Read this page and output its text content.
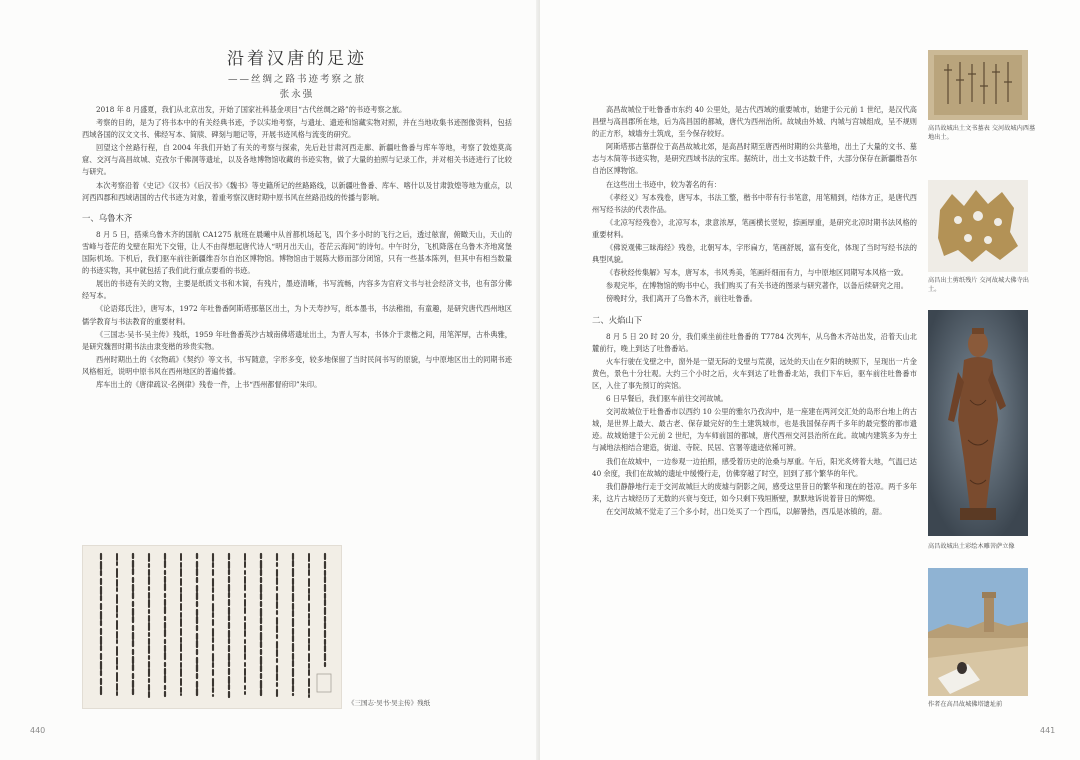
沿着汉唐的足迹
——丝绸之路书迹考察之旅
张永强

2018 年 8 月盛夏，我们从北京出发，开始了国家社科基金项目“古代丝绸之路”的书迹考察之旅。

考察的目的，是为了将书本中的有关经典书迹，予以实地考察，与遗址、遗迹和馆藏实物对照，并在当地收集书迹图像资料，包括西域各国的汉文文书、佛经写本、简牍、碑刻与题记等，开展书迹风格与流变的研究。

回望这个丝路行程，自 2004 年我们开始了有关的考察与探索，先后赴甘肃河西走廊、新疆吐鲁番与库车等地，考察了敦煌莫高窟、交河与高昌故城、克孜尔千佛洞等遗址，以及各地博物馆收藏的书迹实物，做了大量的拍照与记录工作，并对相关书迹进行了比较与研究。

本次考察沿着《史记》《汉书》《后汉书》《魏书》等史籍所记的丝路路线，以新疆吐鲁番、库车、喀什以及甘肃敦煌等地为重点，以河西四郡和西域诸国的古代书迹为对象，着重考察汉唐时期中原书风在丝路沿线的传播与影响。

一、乌鲁木齐

8 月 5 日，搭乘乌鲁木齐的国航 CA1275 航班在晨曦中从首都机场起飞，四个多小时的飞行之后，透过舷窗，俯瞰天山，天山的雪峰与苍茫的戈壁在阳光下交错，让人不由得想起唐代诗人“明月出天山，苍茫云海间”的诗句。中午时分，飞机降落在乌鲁木齐地窝堡国际机场。下机后，我们驱车前往新疆维吾尔自治区博物馆。博物馆由于展陈大修而部分闭馆，只有一些基本陈列，但其中有相当数量的书迹实物，其中就包括了我们此行重点要看的书迹。

展出的书迹有关的文物，主要是纸质文书和木简，有残片，墨迹清晰，书写流畅，内容多为官府文书与社会经济文书，也有部分佛经写本。

《论语郑氏注》，唐写本，1972 年吐鲁番阿斯塔那墓区出土，为卜天寿抄写，纸本墨书，书法稚拙，有童趣，是研究唐代西州地区儒学教育与书法教育的重要材料。

《三国志·吴书·吴主传》残纸，1959 年吐鲁番英沙古城南佛塔遗址出土，为晋人写本，书体介于隶楷之间，用笔浑厚，古朴典雅，是研究魏晋时期书法由隶变楷的珍贵实物。

西州时期出土的《衣物疏》《契约》等文书，书写随意，字形多变，较多地保留了当时民间书写的原貌，与中原地区出土的同期书迹风格相近，说明中原书风在西州地区的普遍传播。

库车出土的《唐律疏议·名例律》残卷一件，上书“西州都督府印”朱印。

《三国志·吴书·吴主传》残纸
440

高昌故城位于吐鲁番市东约 40 公里处，是古代西域的重要城市，始建于公元前 1 世纪，是汉代高昌壁与高昌郡所在地，后为高昌国的都城，唐代为西州治所。故城由外城、内城与宫城组成，呈不规则的正方形，城墙夯土筑成，至今保存较好。

阿斯塔那古墓群位于高昌故城北郊，是高昌时期至唐西州时期的公共墓地，出土了大量的文书、墓志与木简等书迹实物，是研究西域书法的宝库。据统计，出土文书达数千件，大部分保存在新疆维吾尔自治区博物馆。

在这些出土书迹中，较为著名的有：

《孝经义》写本残卷，唐写本，书法工整，楷书中带有行书笔意，用笔精到，结体方正，是唐代西州写经书法的代表作品。

《北凉写经残卷》，北凉写本，隶意浓厚，笔画横长竖短，捺画厚重，是研究北凉时期书法风格的重要材料。

《佛说观佛三昧海经》残卷，北朝写本，字形扁方，笔画舒展，富有变化，体现了当时写经书法的典型风貌。

《春秋经传集解》写本，唐写本，书风秀美，笔画纤细而有力，与中原地区同期写本风格一致。

参观完毕，在博物馆的购书中心，我们购买了有关书迹的图录与研究著作，以备后续研究之用。

傍晚时分，我们离开了乌鲁木齐，前往吐鲁番。

二、火焰山下

8 月 5 日 20 时 20 分，我们乘坐前往吐鲁番的 T7784 次列车，从乌鲁木齐站出发，沿着天山北麓前行，晚上到达了吐鲁番站。

火车行驶在戈壁之中，窗外是一望无际的戈壁与荒漠，远处的天山在夕阳的映照下，呈现出一片金黄色，景色十分壮观。大约三个小时之后，火车到达了吐鲁番北站，我们下车后，驱车前往吐鲁番市区，入住了事先预订的宾馆。

6 日早餐后，我们驱车前往交河故城。

交河故城位于吐鲁番市以西约 10 公里的雅尔乃孜沟中，是一座建在两河交汇处的岛形台地上的古城，是世界上最大、最古老、保存最完好的生土建筑城市，也是我国保存两千多年的最完整的都市遗迹。故城始建于公元前 2 世纪，为车师前国的都城，唐代西州交河县治所在此。故城内建筑多为夯土与减地法相结合建造，街道、寺院、民居、官署等遗迹依稀可辨。

我们在故城中，一边参观一边拍照，感受着历史的沧桑与厚重。午后，阳光炙烤着大地，气温已达 40 余度，我们在故城的遗址中缓慢行走，仿佛穿越了时空，回到了那个繁华的年代。

我们静静地行走于交河故城巨大的废墟与阴影之间，感受这里昔日的繁华和现在的苍凉。两千多年来，这片古城经历了无数的兴衰与变迁，如今只剩下残垣断壁，默默地诉说着昔日的辉煌。

在交河故城不觉走了三个多小时，出口处买了一个西瓜，以解暑热，西瓜是冰镇的，甜。

高昌故城出土文书墓表 交河故城内西墓地出土。
高昌出土剪纸残片 交河故城大佛寺出土。
高昌故城出土彩绘木雕菩萨立像
作者在高昌故城佛塔遗址前
441
